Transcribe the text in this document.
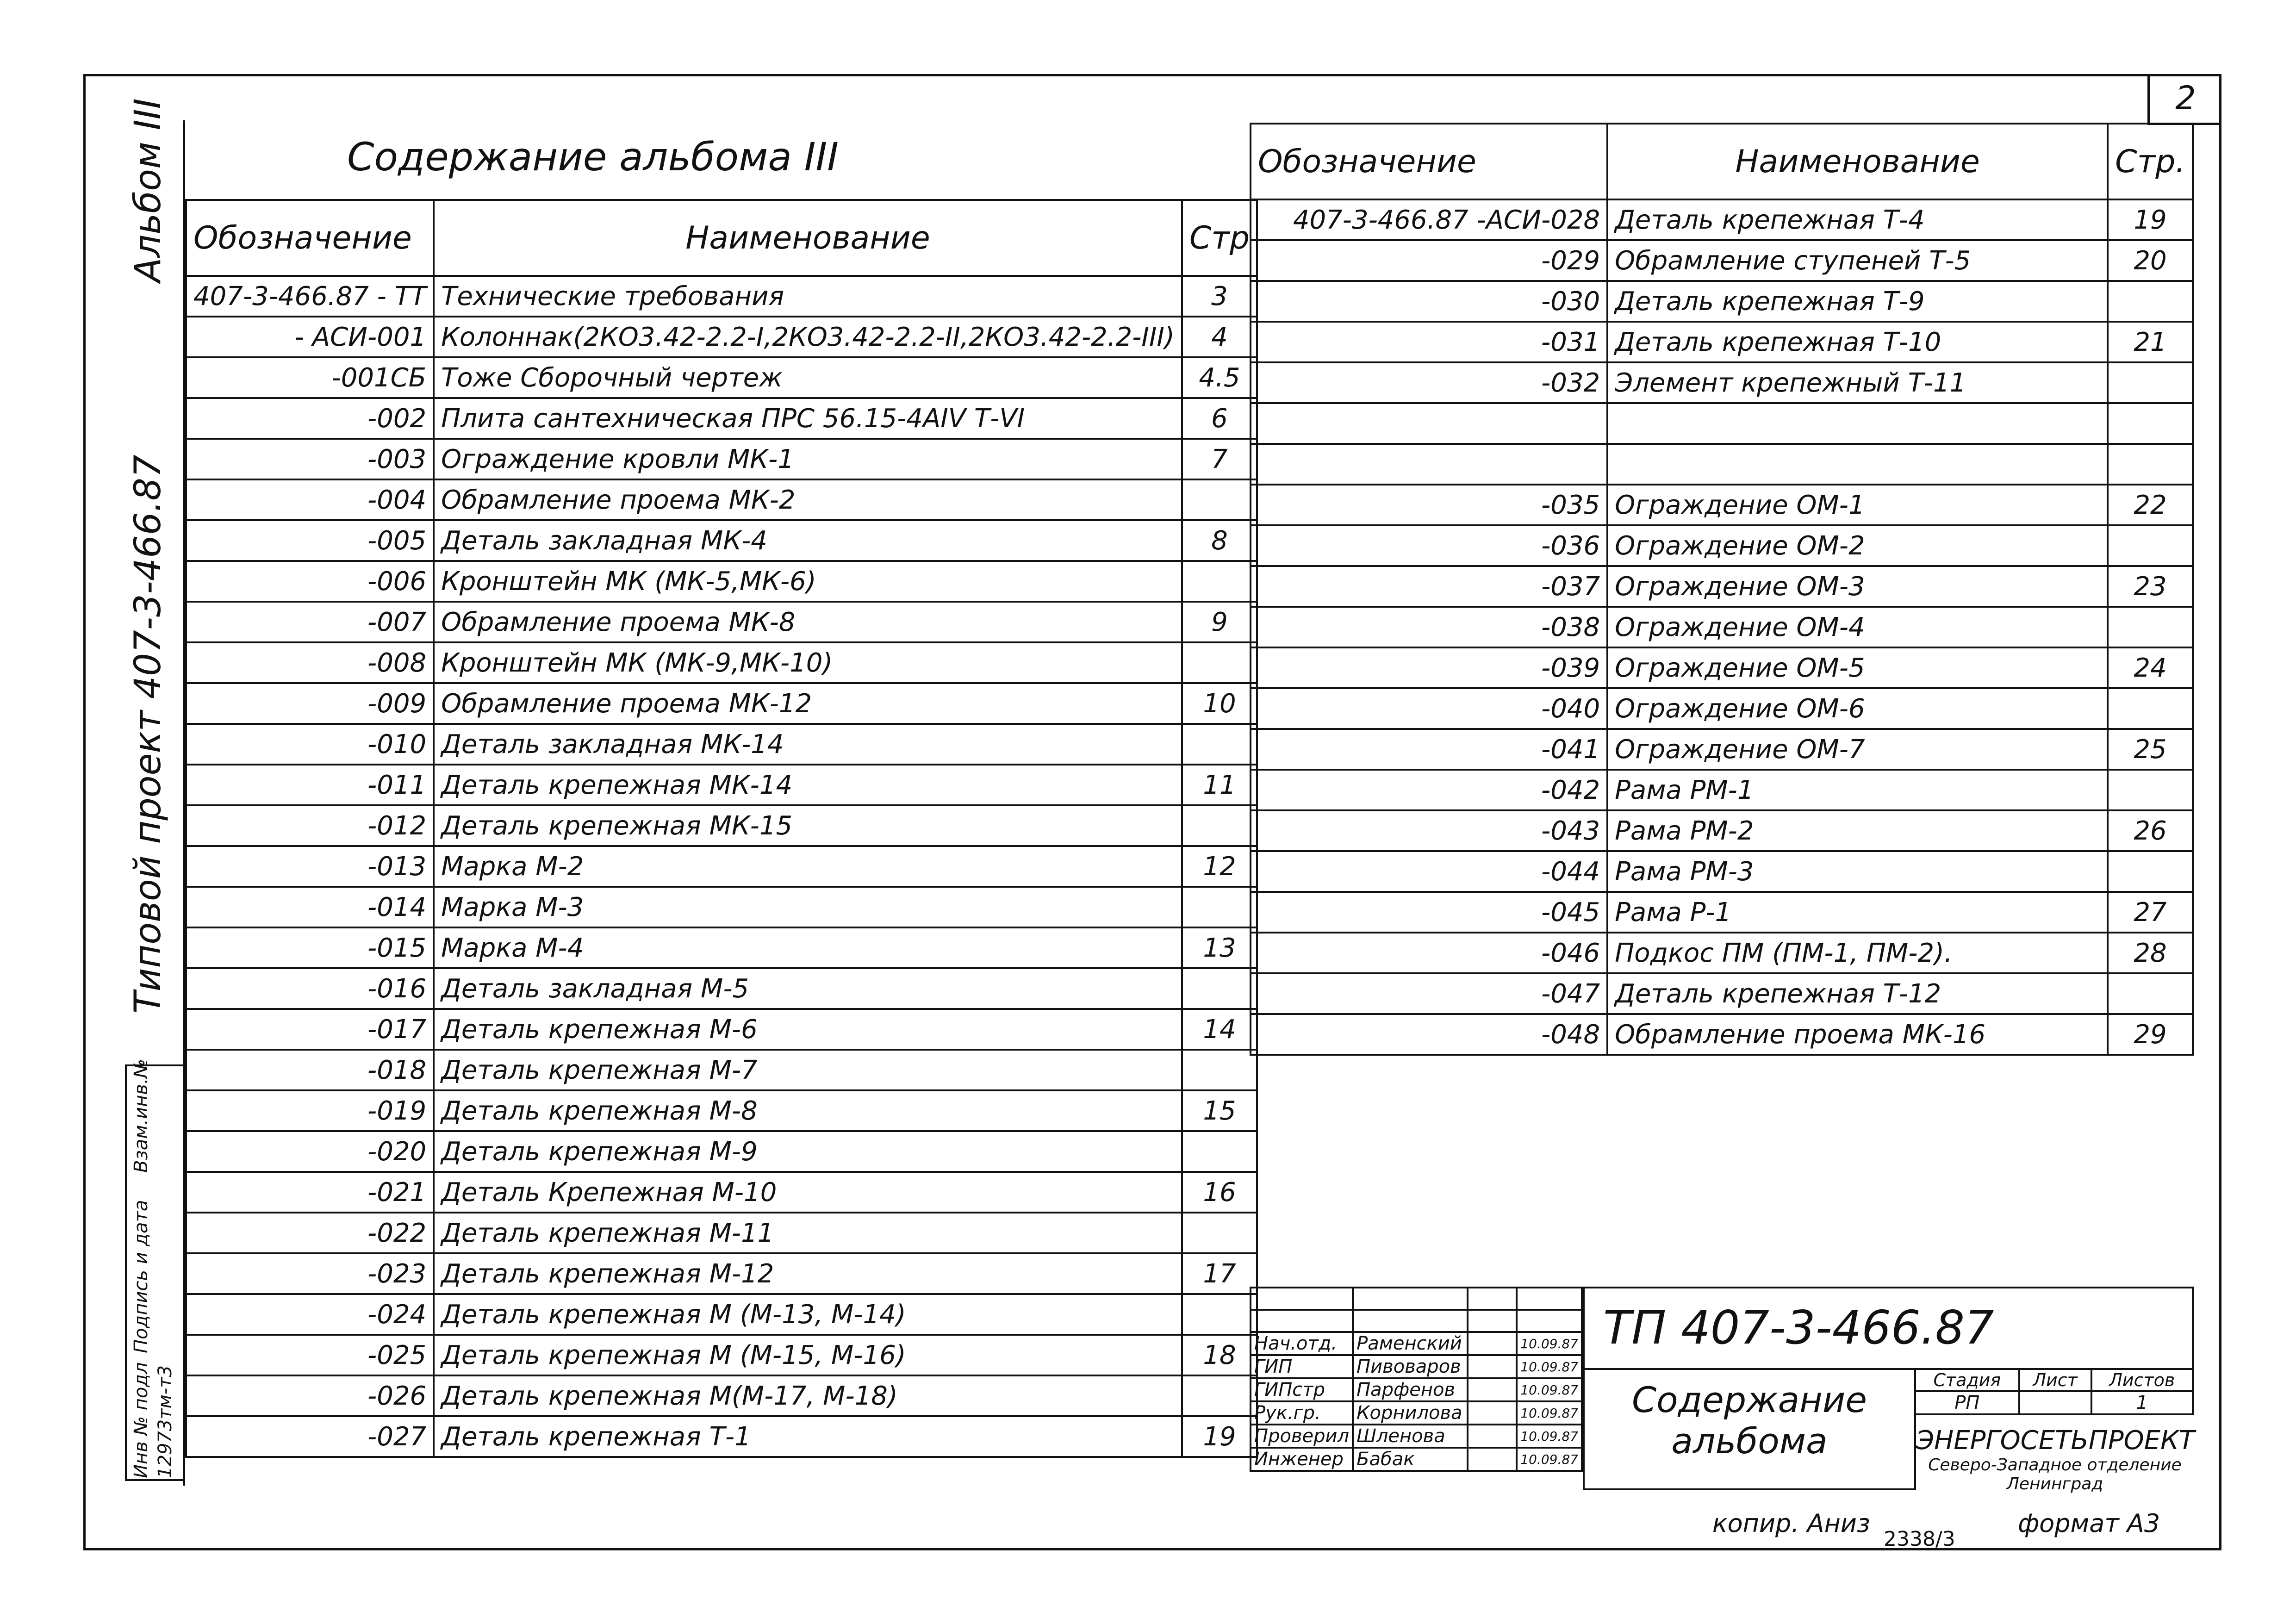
2
Альбом III
Типовой проект 407-3-466.87
Взам.инв.№
Подпись и дата
Инв № подл 12973тм-т3
Содержание альбома III
Обозначение	Наименование	Стр
407-3-466.87 - ТТ	Технические требования	3
- АСИ-001	Колоннак(2КО3.42-2.2-I,2КО3.42-2.2-II,2КО3.42-2.2-III)	4
-001СБ	Тоже Сборочный чертеж	4.5
-002	Плита сантехническая ПРС 56.15-4АIV Т-VI	6
-003	Ограждение кровли МК-1	7
-004	Обрамление проема МК-2	
-005	Деталь закладная МК-4	8
-006	Кронштейн МК (МК-5,МК-6)	
-007	Обрамление проема МК-8	9
-008	Кронштейн МК (МК-9,МК-10)	
-009	Обрамление проема МК-12	10
-010	Деталь закладная МК-14	
-011	Деталь крепежная МК-14	11
-012	Деталь крепежная МК-15	
-013	Марка М-2	12
-014	Марка М-3	
-015	Марка М-4	13
-016	Деталь закладная М-5	
-017	Деталь крепежная М-6	14
-018	Деталь крепежная М-7	
-019	Деталь крепежная М-8	15
-020	Деталь крепежная М-9	
-021	Деталь Крепежная М-10	16
-022	Деталь крепежная М-11	
-023	Деталь крепежная М-12	17
-024	Деталь крепежная М (М-13, М-14)	
-025	Деталь крепежная М (М-15, М-16)	18
-026	Деталь крепежная М(М-17, М-18)	
-027	Деталь крепежная Т-1	19
Обозначение	Наименование	Стр.
407-3-466.87 -АСИ-028	Деталь крепежная Т-4	19
-029	Обрамление ступеней Т-5	20
-030	Деталь крепежная Т-9	
-031	Деталь крепежная Т-10	21
-032	Элемент крепежный Т-11	

-035	Ограждение ОМ-1	22
-036	Ограждение ОМ-2	
-037	Ограждение ОМ-3	23
-038	Ограждение ОМ-4	
-039	Ограждение ОМ-5	24
-040	Ограждение ОМ-6	
-041	Ограждение ОМ-7	25
-042	Рама РМ-1	
-043	Рама РМ-2	26
-044	Рама РМ-3	
-045	Рама Р-1	27
-046	Подкос ПМ (ПМ-1, ПМ-2).	28
-047	Деталь крепежная Т-12	
-048	Обрамление проема МК-16	29

Нач.отд.	Раменский		10.09.87
ГИП	Пивоваров		10.09.87
ГИПстр	Парфенов		10.09.87
Рук.гр.	Корнилова		10.09.87
Проверил	Шленова		10.09.87
Инженер	Бабак		10.09.87
ТП 407-3-466.87
Содержание альбома
Стадия	Лист	Листов
РП		1
ЭНЕРГОСЕТЬПРОЕКТ
Северо-Западное отделение Ленинград
копир. Аниз
2338/3
формат А3
